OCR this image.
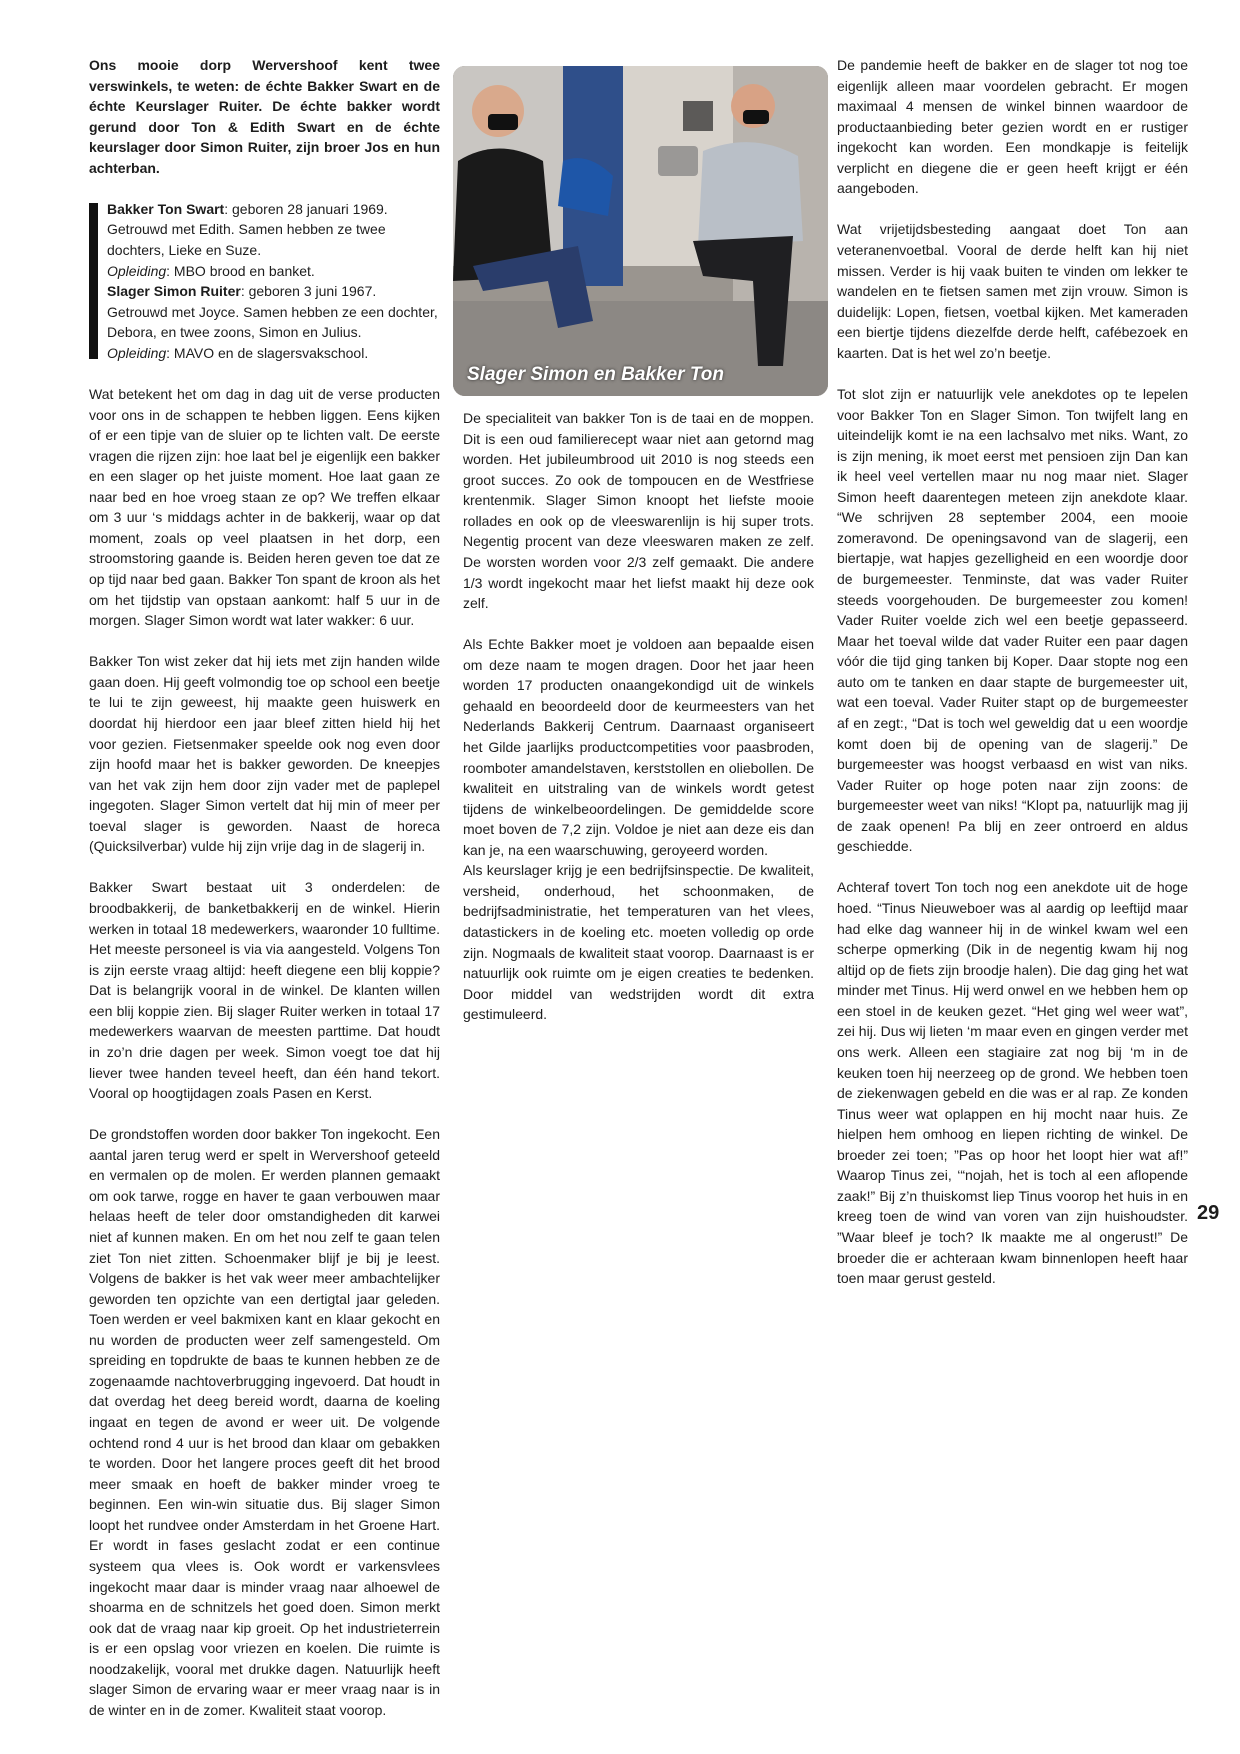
Ons mooie dorp Wervershoof kent twee verswinkels, te weten: de échte Bakker Swart en de échte Keurslager Ruiter. De échte bakker wordt gerund door Ton & Edith Swart en de échte keurslager door Simon Ruiter, zijn broer Jos en hun achterban.

Bakker Ton Swart: geboren 28 januari 1969. Getrouwd met Edith. Samen hebben ze twee dochters, Lieke en Suze.

Opleiding: MBO brood en banket.

Slager Simon Ruiter: geboren 3 juni 1967. Getrouwd met Joyce. Samen hebben ze een dochter, Debora, en twee zoons, Simon en Julius.

Opleiding: MAVO en de slagersvakschool.

Wat betekent het om dag in dag uit de verse producten voor ons in de schappen te hebben liggen. Eens kijken of er een tipje van de sluier op te lichten valt. De eerste vragen die rijzen zijn: hoe laat bel je eigenlijk een bakker en een slager op het juiste moment. Hoe laat gaan ze naar bed en hoe vroeg staan ze op? We treffen elkaar om 3 uur ‘s middags achter in de bakkerij, waar op dat moment, zoals op veel plaatsen in het dorp, een stroomstoring gaande is. Beiden heren geven toe dat ze op tijd naar bed gaan. Bakker Ton spant de kroon als het om het tijdstip van opstaan aankomt: half 5 uur in de morgen. Slager Simon wordt wat later wakker: 6 uur.

Bakker Ton wist zeker dat hij iets met zijn handen wilde gaan doen. Hij geeft volmondig toe op school een beetje te lui te zijn geweest, hij maakte geen huiswerk en doordat hij hierdoor een jaar bleef zitten hield hij het voor gezien. Fietsenmaker speelde ook nog even door zijn hoofd maar het is bakker geworden. De kneepjes van het vak zijn hem door zijn vader met de paplepel ingegoten. Slager Simon vertelt dat hij min of meer per toeval slager is geworden. Naast de horeca (Quicksilverbar) vulde hij zijn vrije dag in de slagerij in.

Bakker Swart bestaat uit 3 onderdelen: de broodbakkerij, de banketbakkerij en de winkel. Hierin werken in totaal 18 medewerkers, waaronder 10 fulltime. Het meeste personeel is via via aangesteld. Volgens Ton is zijn eerste vraag altijd: heeft diegene een blij koppie? Dat is belangrijk vooral in de winkel. De klanten willen een blij koppie zien. Bij slager Ruiter werken in totaal 17 medewerkers waarvan de meesten parttime. Dat houdt in zo’n drie dagen per week. Simon voegt toe dat hij liever twee handen teveel heeft, dan één hand tekort. Vooral op hoogtijdagen zoals Pasen en Kerst.

De grondstoffen worden door bakker Ton ingekocht. Een aantal jaren terug werd er spelt in Wervershoof geteeld en vermalen op de molen. Er werden plannen gemaakt om ook tarwe, rogge en haver te gaan verbouwen maar helaas heeft de teler door omstandigheden dit karwei niet af kunnen maken. En om het nou zelf te gaan telen ziet Ton niet zitten. Schoenmaker blijf je bij je leest. Volgens de bakker is het vak weer meer ambachtelijker geworden ten opzichte van een dertigtal jaar geleden. Toen werden er veel bakmixen kant en klaar gekocht en nu worden de producten weer zelf samengesteld. Om spreiding en topdrukte de baas te kunnen hebben ze de zogenaamde nachtoverbrugging ingevoerd. Dat houdt in dat overdag het deeg bereid wordt, daarna de koeling ingaat en tegen de avond er weer uit. De volgende ochtend rond 4 uur is het brood dan klaar om gebakken te worden. Door het langere proces geeft dit het brood meer smaak en hoeft de bakker minder vroeg te beginnen. Een win-win situatie dus. Bij slager Simon loopt het rundvee onder Amsterdam in het Groene Hart. Er wordt in fases geslacht zodat er een continue systeem qua vlees is. Ook wordt er varkensvlees ingekocht maar daar is minder vraag naar alhoewel de shoarma en de schnitzels het goed doen. Simon merkt ook dat de vraag naar kip groeit. Op het industrieterrein is er een opslag voor vriezen en koelen. Die ruimte is noodzakelijk, vooral met drukke dagen. Natuurlijk heeft slager Simon de ervaring waar er meer vraag naar is in de winter en in de zomer. Kwaliteit staat voorop.

Slager Simon en Bakker Ton

De specialiteit van bakker Ton is de taai en de moppen. Dit is een oud familierecept waar niet aan getornd mag worden. Het jubileumbrood uit 2010 is nog steeds een groot succes. Zo ook de tompoucen en de Westfriese krentenmik. Slager Simon knoopt het liefste mooie rollades en ook op de vleeswarenlijn is hij super trots. Negentig procent van deze vleeswaren maken ze zelf. De worsten worden voor 2/3 zelf gemaakt. Die andere 1/3 wordt ingekocht maar het liefst maakt hij deze ook zelf.

Als Echte Bakker moet je voldoen aan bepaalde eisen om deze naam te mogen dragen. Door het jaar heen worden 17 producten onaangekondigd uit de winkels gehaald en beoordeeld door de keurmeesters van het Nederlands Bakkerij Centrum. Daarnaast organiseert het Gilde jaarlijks productcompetities voor paasbroden, roomboter amandelstaven, kerststollen en oliebollen. De kwaliteit en uitstraling van de winkels wordt getest tijdens de winkelbeoordelingen. De gemiddelde score moet boven de 7,2 zijn. Voldoe je niet aan deze eis dan kan je, na een waarschuwing, geroyeerd worden.

Als keurslager krijg je een bedrijfsinspectie. De kwaliteit, versheid, onderhoud, het schoonmaken, de bedrijfsadministratie, het temperaturen van het vlees, datastickers in de koeling etc. moeten volledig op orde zijn. Nogmaals de kwaliteit staat voorop. Daarnaast is er natuurlijk ook ruimte om je eigen creaties te bedenken. Door middel van wedstrijden wordt dit extra gestimuleerd.

De pandemie heeft de bakker en de slager tot nog toe eigenlijk alleen maar voordelen gebracht. Er mogen maximaal 4 mensen de winkel binnen waardoor de productaanbieding beter gezien wordt en er rustiger ingekocht kan worden. Een mondkapje is feitelijk verplicht en diegene die er geen heeft krijgt er één aangeboden.

Wat vrijetijdsbesteding aangaat doet Ton aan veteranenvoetbal. Vooral de derde helft kan hij niet missen. Verder is hij vaak buiten te vinden om lekker te wandelen en te fietsen samen met zijn vrouw. Simon is duidelijk: Lopen, fietsen, voetbal kijken. Met kameraden een biertje tijdens diezelfde derde helft, cafébezoek en kaarten. Dat is het wel zo’n beetje.

Tot slot zijn er natuurlijk vele anekdotes op te lepelen voor Bakker Ton en Slager Simon. Ton twijfelt lang en uiteindelijk komt ie na een lachsalvo met niks. Want, zo is zijn mening, ik moet eerst met pensioen zijn Dan kan ik heel veel vertellen maar nu nog maar niet. Slager Simon heeft daarentegen meteen zijn anekdote klaar. “We schrijven 28 september 2004, een mooie zomeravond. De openingsavond van de slagerij, een biertapje, wat hapjes gezelligheid en een woordje door de burgemeester. Tenminste, dat was vader Ruiter steeds voorgehouden. De burgemeester zou komen! Vader Ruiter voelde zich wel een beetje gepasseerd. Maar het toeval wilde dat vader Ruiter een paar dagen vóór die tijd ging tanken bij Koper. Daar stopte nog een auto om te tanken en daar stapte de burgemeester uit, wat een toeval. Vader Ruiter stapt op de burgemeester af en zegt:, “Dat is toch wel geweldig dat u een woordje komt doen bij de opening van de slagerij.” De burgemeester was hoogst verbaasd en wist van niks. Vader Ruiter op hoge poten naar zijn zoons: de burgemeester weet van niks! “Klopt pa, natuurlijk mag jij de zaak openen! Pa blij en zeer ontroerd en aldus geschiedde.

Achteraf tovert Ton toch nog een anekdote uit de hoge hoed. “Tinus Nieuweboer was al aardig op leeftijd maar had elke dag wanneer hij in de winkel kwam wel een scherpe opmerking (Dik in de negentig kwam hij nog altijd op de fiets zijn broodje halen). Die dag ging het wat minder met Tinus. Hij werd onwel en we hebben hem op een stoel in de keuken gezet. “Het ging wel weer wat”, zei hij. Dus wij lieten ‘m maar even en gingen verder met ons werk. Alleen een stagiaire zat nog bij ‘m in de keuken toen hij neerzeeg op de grond. We hebben toen de ziekenwagen gebeld en die was er al rap. Ze konden Tinus weer wat oplappen en hij mocht naar huis. Ze hielpen hem omhoog en liepen richting de winkel. De broeder zei toen; ”Pas op hoor het loopt hier wat af!” Waarop Tinus zei, ‘“nojah, het is toch al een aflopende zaak!” Bij z’n thuiskomst liep Tinus voorop het huis in en kreeg toen de wind van voren van zijn huishoudster. ”Waar bleef je toch? Ik maakte me al ongerust!” De broeder die er achteraan kwam binnenlopen heeft haar toen maar gerust gesteld.

29
